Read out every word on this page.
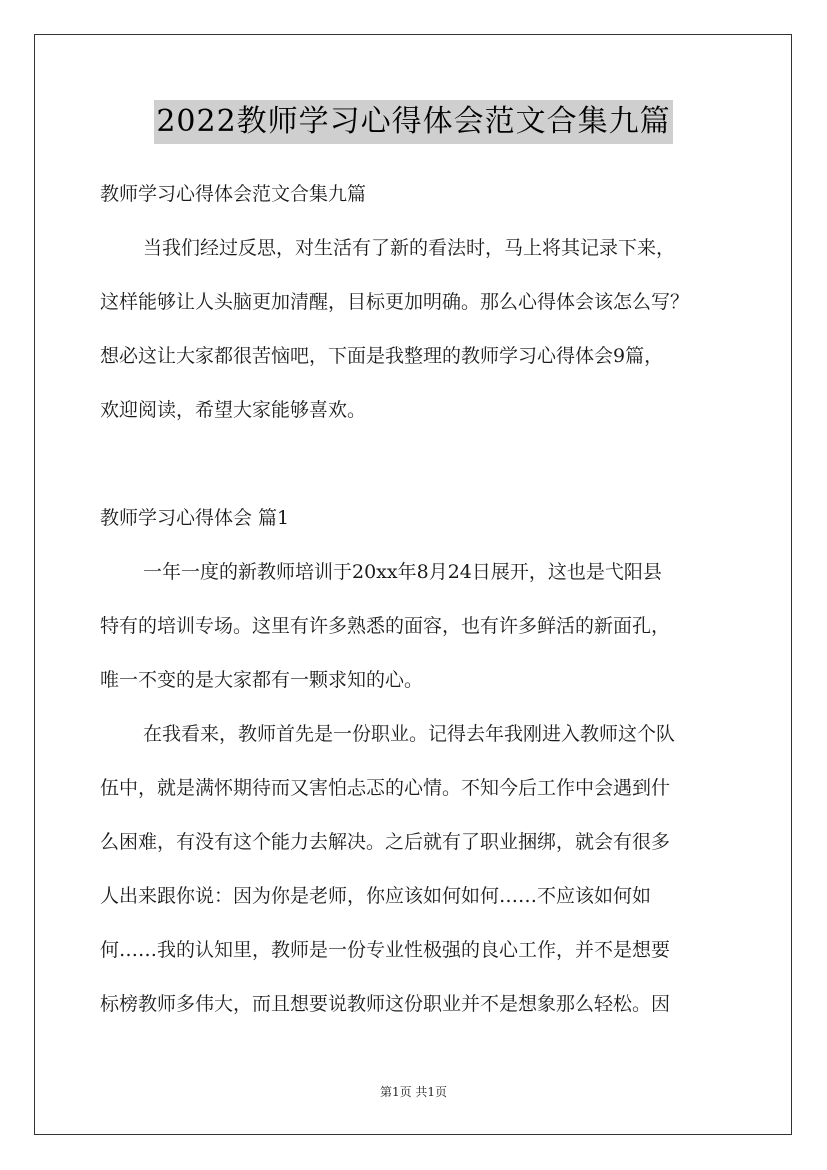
2022教师学习心得体会范文合集九篇
教师学习心得体会范文合集九篇
当我们经过反思，对生活有了新的看法时，马上将其记录下来，
这样能够让人头脑更加清醒，目标更加明确。那么心得体会该怎么写？
想必这让大家都很苦恼吧，下面是我整理的教师学习心得体会9篇，
欢迎阅读，希望大家能够喜欢。
教师学习心得体会 篇1
一年一度的新教师培训于20xx年8月24日展开，这也是弋阳县
特有的培训专场。这里有许多熟悉的面容，也有许多鲜活的新面孔，
唯一不变的是大家都有一颗求知的心。
在我看来，教师首先是一份职业。记得去年我刚进入教师这个队
伍中，就是满怀期待而又害怕忐忑的心情。不知今后工作中会遇到什
么困难，有没有这个能力去解决。之后就有了职业捆绑，就会有很多
人出来跟你说：因为你是老师，你应该如何如何……不应该如何如
何……我的认知里，教师是一份专业性极强的良心工作，并不是想要
标榜教师多伟大，而且想要说教师这份职业并不是想象那么轻松。因
第1页 共1页
